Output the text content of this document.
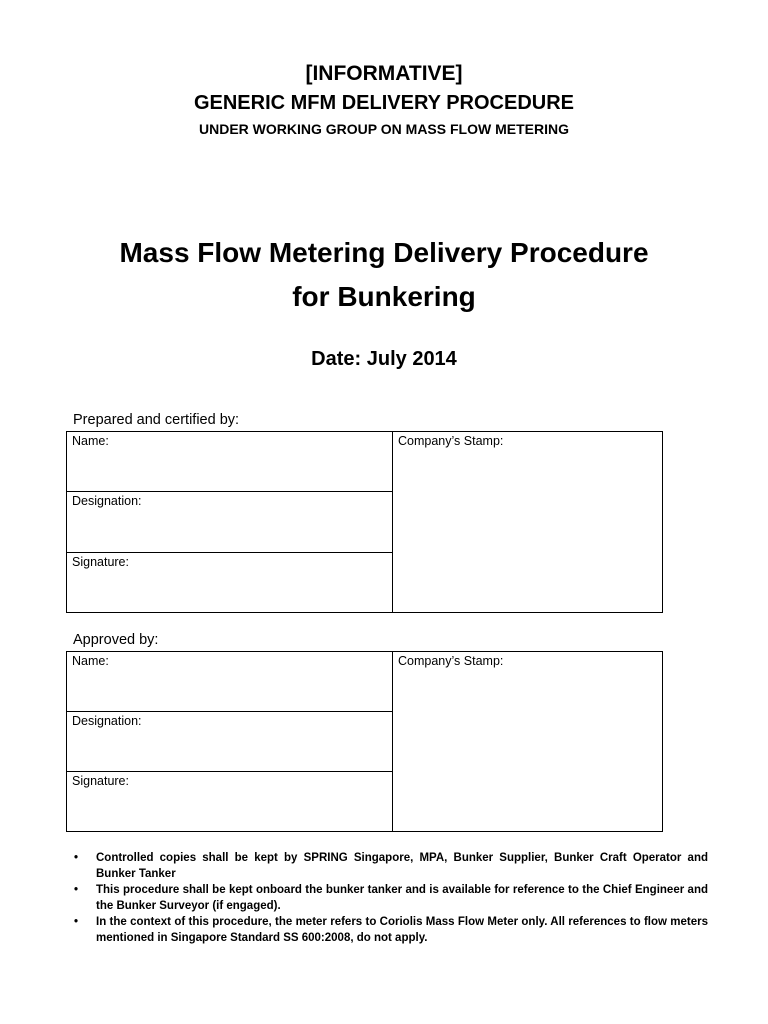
[INFORMATIVE]
GENERIC MFM DELIVERY PROCEDURE
UNDER WORKING GROUP ON MASS FLOW METERING
Mass Flow Metering Delivery Procedure
for Bunkering
Date: July 2014
Prepared and certified by:
Name:	Company’s Stamp:
Designation:
Signature:
Approved by:
Name:	Company’s Stamp:
Designation:
Signature:
• Controlled copies shall be kept by SPRING Singapore, MPA, Bunker Supplier, Bunker Craft Operator and Bunker Tanker
• This procedure shall be kept onboard the bunker tanker and is available for reference to the Chief Engineer and the Bunker Surveyor (if engaged).
• In the context of this procedure, the meter refers to Coriolis Mass Flow Meter only. All references to flow meters mentioned in Singapore Standard SS 600:2008, do not apply.
